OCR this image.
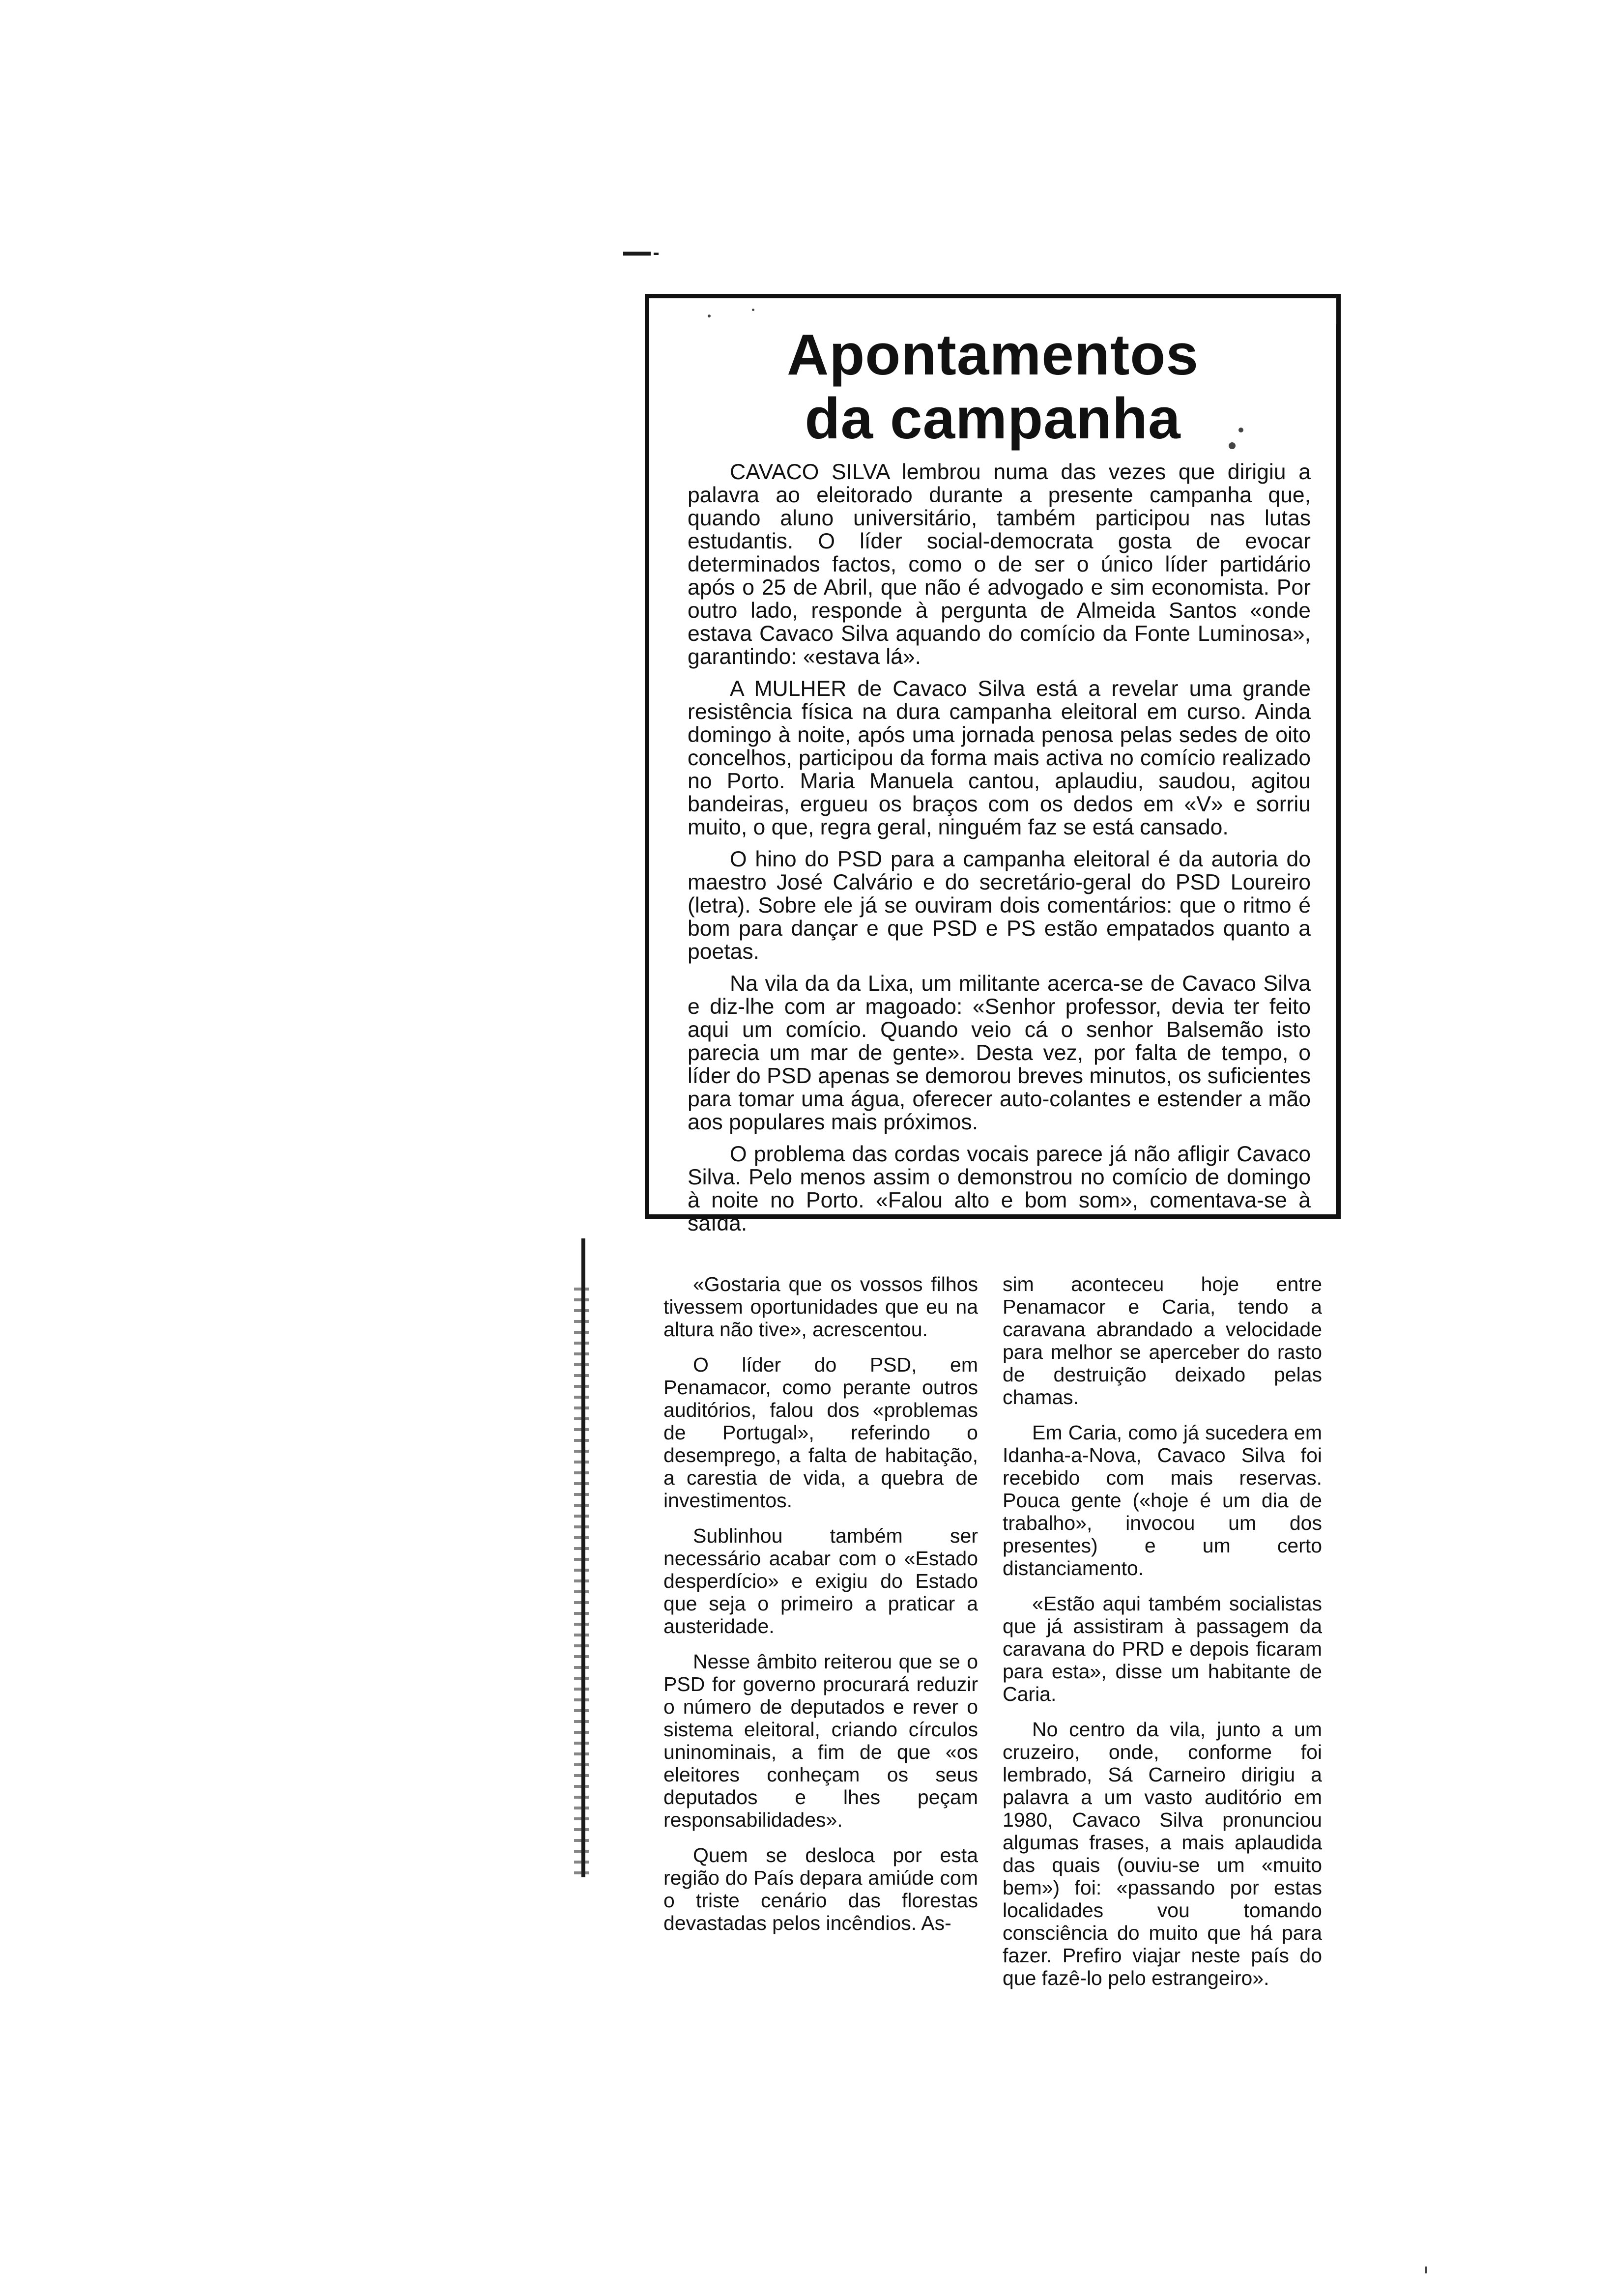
Apontamentos
da campanha

CAVACO SILVA lembrou numa das vezes que dirigiu a palavra ao eleitorado durante a presente campanha que, quando aluno universitário, também participou nas lutas estudantis. O líder social-democrata gosta de evocar determinados factos, como o de ser o único líder partidário após o 25 de Abril, que não é advogado e sim economista. Por outro lado, responde à pergunta de Almeida Santos «onde estava Cavaco Silva aquando do comício da Fonte Luminosa», garantindo: «estava lá».

A MULHER de Cavaco Silva está a revelar uma grande resistência física na dura campanha eleitoral em curso. Ainda domingo à noite, após uma jornada penosa pelas sedes de oito concelhos, participou da forma mais activa no comício realizado no Porto. Maria Manuela cantou, aplaudiu, saudou, agitou bandeiras, ergueu os braços com os dedos em «V» e sorriu muito, o que, regra geral, ninguém faz se está cansado.

O hino do PSD para a campanha eleitoral é da autoria do maestro José Calvário e do secretário-geral do PSD Loureiro (letra). Sobre ele já se ouviram dois comentários: que o ritmo é bom para dançar e que PSD e PS estão empatados quanto a poetas.

Na vila da da Lixa, um militante acerca-se de Cavaco Silva e diz-lhe com ar magoado: «Senhor professor, devia ter feito aqui um comício. Quando veio cá o senhor Balsemão isto parecia um mar de gente». Desta vez, por falta de tempo, o líder do PSD apenas se demorou breves minutos, os suficientes para tomar uma água, oferecer auto-colantes e estender a mão aos populares mais próximos.

O problema das cordas vocais parece já não afligir Cavaco Silva. Pelo menos assim o demonstrou no comício de domingo à noite no Porto. «Falou alto e bom som», comentava-se à saída.

«Gostaria que os vossos filhos tivessem oportunidades que eu na altura não tive», acrescentou.

O líder do PSD, em Penamacor, como perante outros auditórios, falou dos «problemas de Portugal», referindo o desemprego, a falta de habitação, a carestia de vida, a quebra de investimentos.

Sublinhou também ser necessário acabar com o «Estado desperdício» e exigiu do Estado que seja o primeiro a praticar a austeridade.

Nesse âmbito reiterou que se o PSD for governo procurará reduzir o número de deputados e rever o sistema eleitoral, criando círculos uninominais, a fim de que «os eleitores conheçam os seus deputados e lhes peçam responsabilidades».

Quem se desloca por esta região do País depara amiúde com o triste cenário das florestas devastadas pelos incêndios. As-

sim aconteceu hoje entre Penamacor e Caria, tendo a caravana abrandado a velocidade para melhor se aperceber do rasto de destruição deixado pelas chamas.

Em Caria, como já sucedera em Idanha-a-Nova, Cavaco Silva foi recebido com mais reservas. Pouca gente («hoje é um dia de trabalho», invocou um dos presentes) e um certo distanciamento.

«Estão aqui também socialistas que já assistiram à passagem da caravana do PRD e depois ficaram para esta», disse um habitante de Caria.

No centro da vila, junto a um cruzeiro, onde, conforme foi lembrado, Sá Carneiro dirigiu a palavra a um vasto auditório em 1980, Cavaco Silva pronunciou algumas frases, a mais aplaudida das quais (ouviu-se um «muito bem») foi: «passando por estas localidades vou tomando consciência do muito que há para fazer. Prefiro viajar neste país do que fazê-lo pelo estrangeiro».
